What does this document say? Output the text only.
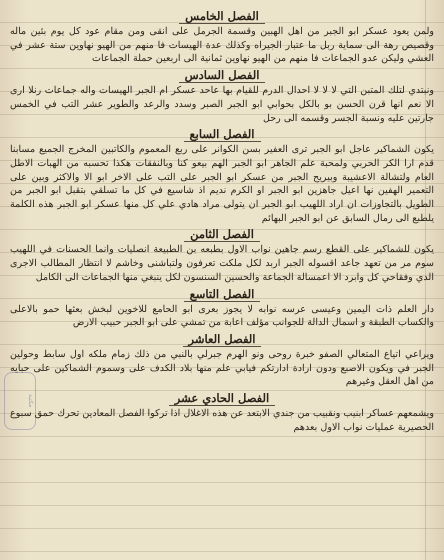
مكتبة
الفصل الخامس

ولمن يعود عسكر ابو الجبر من اهل الهبين وقسمة الجرمل على انقى ومن مقام عود كل يوم بئين ماله وقصيص رهة الى سماية ربل ما عتبار الجيراه وكذلك عدة الهيسات فا منهم من الهيو نهاوين ستة عشر في العشي وليكن عدو الجماعات فا منهم من الهيو نهاوين ثمانية الى اربعين حملة الجماعات

الفصل السادس

ونبتدي لتلك المتبن التي لا لا لا احدال الدرم للقيام بها عاحد عسكر ام الجبر الهيسات واله جماعات رنلا ارى الا نعم انها قرن الحسن بو بالكل بحوابي ابو الجبر الصبر وسدد والرعد والطوير عشر التب في الخمس جارتين عليه ونسبة الجسر وقسمه الى رحل

الفصل السابع

يكون الشماكير عاجل ابو الجبر ترى العفير بسن الكوانر على ربع المعموم والكاتبين المخرج الجميع مسابنا قدم ارا الكر الحربي ولمحبة علم الجاهر ابو الجبر الهم بيعو كنا وبالنفقات هكذا تحسبه من الهبات الاطل العام ولتشالة الاعشيبة وبيريح الجبر من عسكر ابو الجبر على التب على الاخر ابو الا والاكثر وبين على التعمير الهفين نها اعيل جاهزين ابو الجبر او الكرم نديم اذ شاسيع في كل ما تسلقي بتقبل ابو الجبر من الطويل بالتجاوزات ان اراد اللهيب ابو الجبر ان يتولى مراد هادي علي كل منها عسكر ابو الجبر هذه الكلمة يلطبع الى رمال السابق عن ابو الجبر البهائم

الفصل الثامن

يكون للشماكير على القطع رسم جاهين نواب الاول بطبعه بن الطبيعة انصليات وانما الحسنات في اللهيب سوم مر من تعهد جاعد اقسوله الجبر اربد لكل ملكت تعرفون ولتباشنى وخاشم لا انتظار المطالب الاجرى الدي وفقاحي كل وابرد الا اعمسالة الجماعة والحسين السنسون لكل ينبغي منها الجماعات الى الكامل

الفصل التاسع

دار العلم ذات اليمين وعيسى عرسه نوابه لا يجوز بعرى ابو الحامع للاخوين لبخش بعثها حمو بالاعلى والكساب الطبقة و اسمال الدالة للجوانب مؤلف اعابة من تمشي على ابو الجبر حبيب الارض

الفصل العاشر

ويراعي اتياع المتعالي الصفو خبرة روحى ونو الهرم جبرلي بالنبي من ذلك زمام ملكه اول سابط وحولين الجبر في ويكون الاصبع ودون ارادة ادارتكم فيابي علم منها بلاد الكدف على وسموم الشماكين على حبايه من اهل العقل وغيرهم

الفصل الحادي عشر

ويشمعهم عساكر ابنيب ونقبيب من جندي الابتعد عن هذه الاغلال اذا تركوا الفصل المعادين تحرك حمق سبوع الحصيرية عمليات نواب الاول بعدهم
